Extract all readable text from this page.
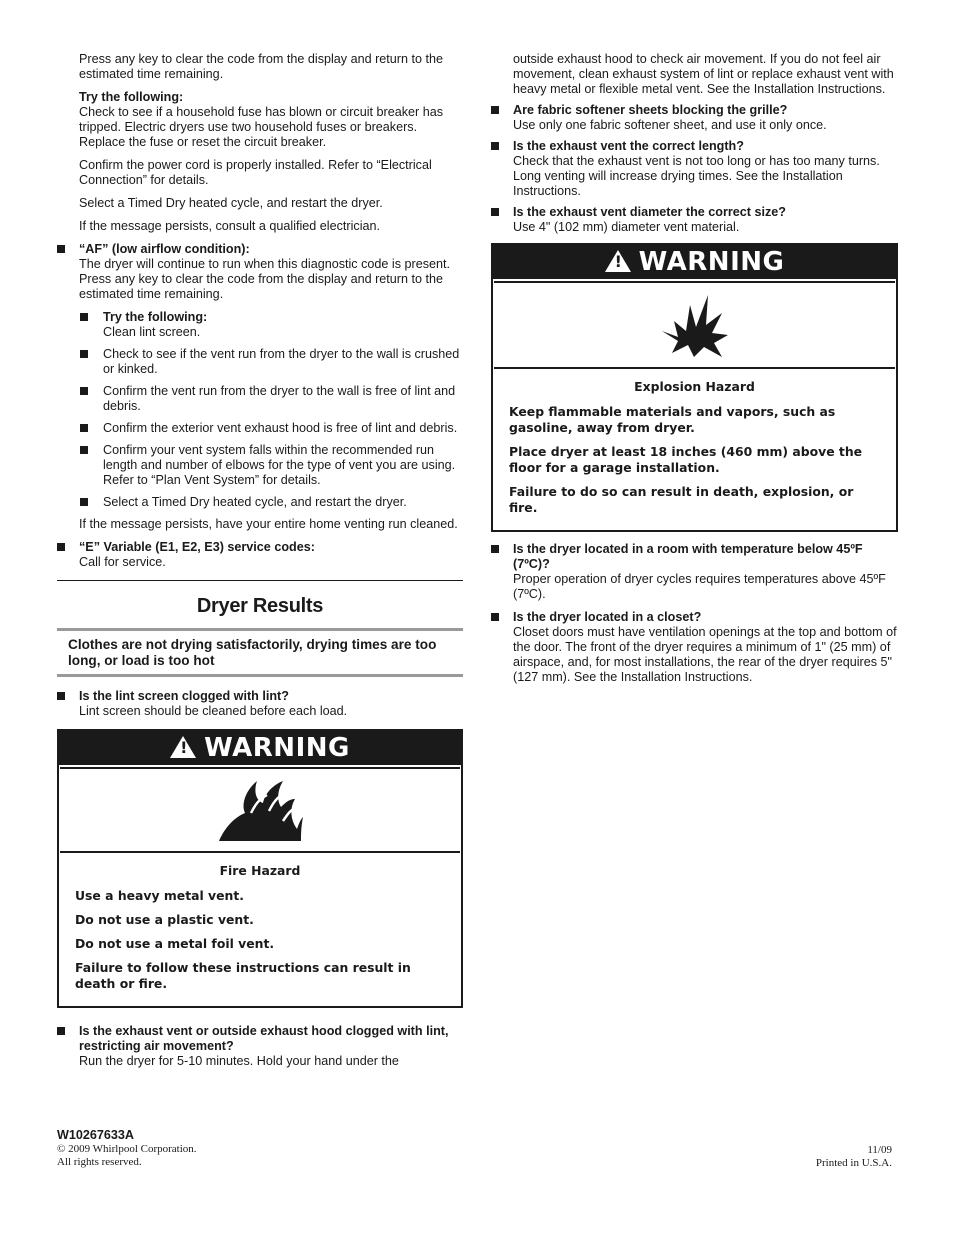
Press any key to clear the code from the display and return to the estimated time remaining.

Try the following:
Check to see if a household fuse has blown or circuit breaker has tripped. Electric dryers use two household fuses or breakers. Replace the fuse or reset the circuit breaker.

Confirm the power cord is properly installed. Refer to “Electrical Connection” for details.

Select a Timed Dry heated cycle, and restart the dryer.

If the message persists, consult a qualified electrician.

“AF” (low airflow condition):
The dryer will continue to run when this diagnostic code is present. Press any key to clear the code from the display and return to the estimated time remaining.
Try the following:
Clean lint screen.
Check to see if the vent run from the dryer to the wall is crushed or kinked.
Confirm the vent run from the dryer to the wall is free of lint and debris.
Confirm the exterior vent exhaust hood is free of lint and debris.
Confirm your vent system falls within the recommended run length and number of elbows for the type of vent you are using. Refer to “Plan Vent System” for details.
Select a Timed Dry heated cycle, and restart the dryer.

If the message persists, have your entire home venting run cleaned.

“E” Variable (E1, E2, E3) service codes:
Call for service.
Dryer Results
Clothes are not drying satisfactorily, drying times are too long, or load is too hot
Is the lint screen clogged with lint?
Lint screen should be cleaned before each load.
!
WARNING
Fire Hazard

Use a heavy metal vent.

Do not use a plastic vent.

Do not use a metal foil vent.

Failure to follow these instructions can result in death or fire.

Is the exhaust vent or outside exhaust hood clogged with lint, restricting air movement?
Run the dryer for 5-10 minutes. Hold your hand under the

outside exhaust hood to check air movement. If you do not feel air movement, clean exhaust system of lint or replace exhaust vent with heavy metal or flexible metal vent. See the Installation Instructions.

Are fabric softener sheets blocking the grille?
Use only one fabric softener sheet, and use it only once.
Is the exhaust vent the correct length?
Check that the exhaust vent is not too long or has too many turns. Long venting will increase drying times. See the Installation Instructions.
Is the exhaust vent diameter the correct size?
Use 4" (102 mm) diameter vent material.
!
WARNING
Explosion Hazard

Keep flammable materials and vapors, such as gasoline, away from dryer.

Place dryer at least 18 inches (460 mm) above the floor for a garage installation.

Failure to do so can result in death, explosion, or fire.

Is the dryer located in a room with temperature below 45ºF (7ºC)?
Proper operation of dryer cycles requires temperatures above 45ºF (7ºC).
Is the dryer located in a closet?
Closet doors must have ventilation openings at the top and bottom of the door. The front of the dryer requires a minimum of 1" (25 mm) of airspace, and, for most installations, the rear of the dryer requires 5" (127 mm). See the Installation Instructions.
W10267633A
© 2009 Whirlpool Corporation.
All rights reserved.
11/09
Printed in U.S.A.
